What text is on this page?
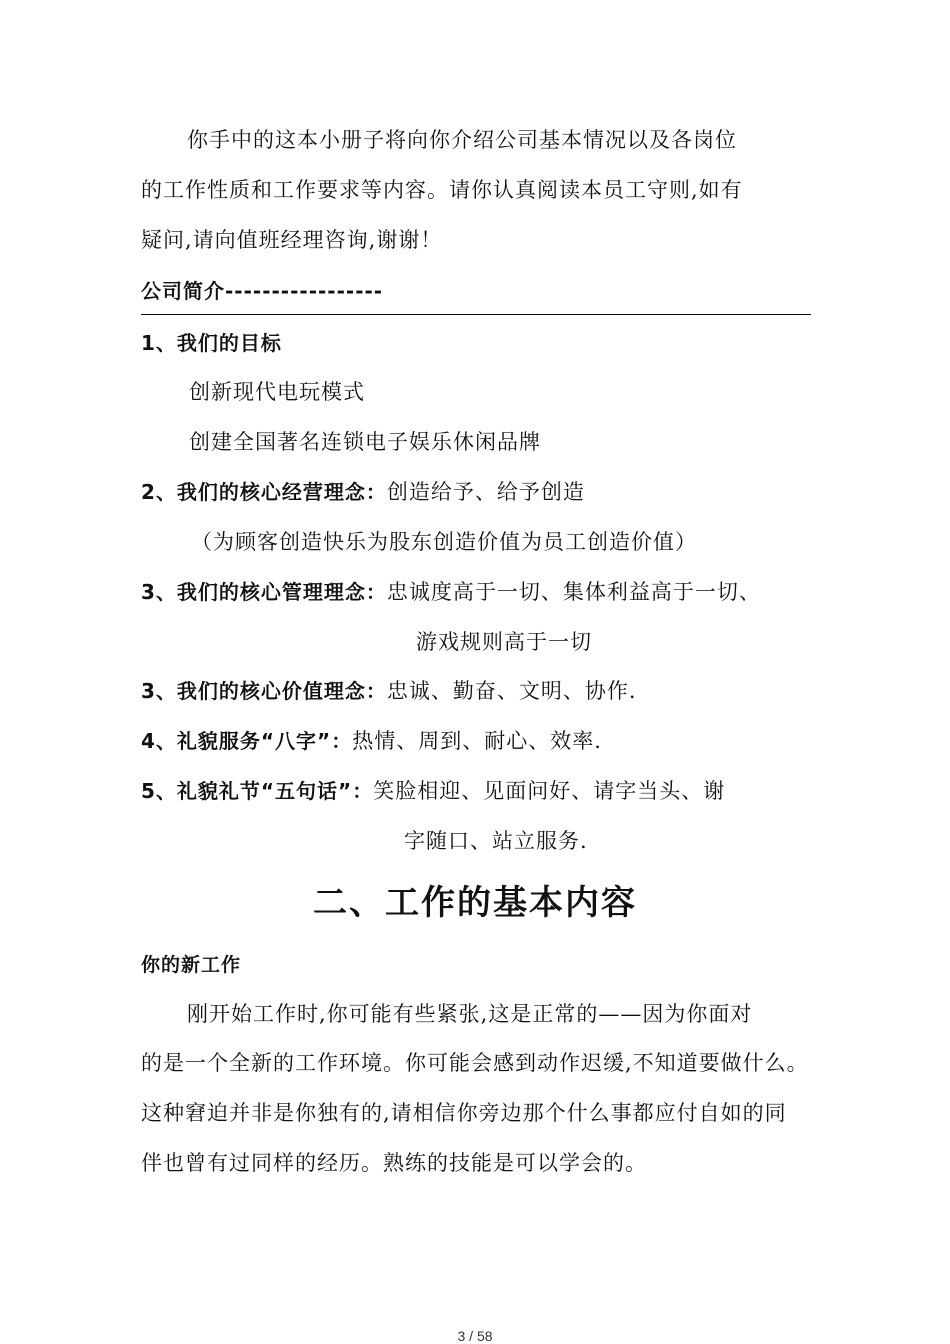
你手中的这本小册子将向你介绍公司基本情况以及各岗位
的工作性质和工作要求等内容。请你认真阅读本员工守则,如有
疑问,请向值班经理咨询,谢谢！
公司简介-----------------
1、我们的目标
创新现代电玩模式
创建全国著名连锁电子娱乐休闲品牌
2、我们的核心经营理念：创造给予、给予创造
（为顾客创造快乐为股东创造价值为员工创造价值）
3、我们的核心管理理念：忠诚度高于一切、集体利益高于一切、
游戏规则高于一切
3、我们的核心价值理念：忠诚、勤奋、文明、协作.
4、礼貌服务“八字”：热情、周到、耐心、效率.
5、礼貌礼节“五句话”：笑脸相迎、见面问好、请字当头、谢
字随口、站立服务.
二、工作的基本内容
你的新工作
刚开始工作时,你可能有些紧张,这是正常的——因为你面对
的是一个全新的工作环境。你可能会感到动作迟缓,不知道要做什么。
这种窘迫并非是你独有的,请相信你旁边那个什么事都应付自如的同
伴也曾有过同样的经历。熟练的技能是可以学会的。
3 / 58
